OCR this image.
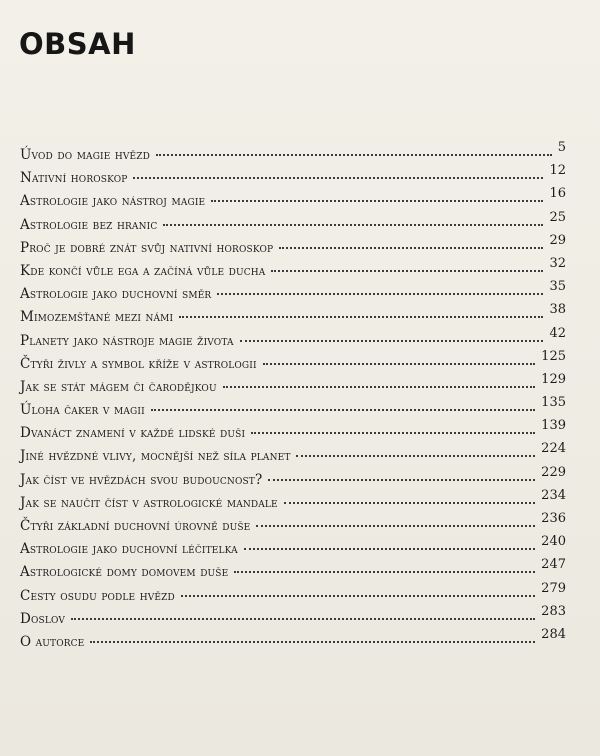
OBSAH
Úvod do magie hvězd	5
Nativní horoskop	12
Astrologie jako nástroj magie	16
Astrologie bez hranic	25
Proč je dobré znát svůj nativní horoskop	29
Kde končí vůle ega a začíná vůle ducha	32
Astrologie jako duchovní směr	35
Mimozemšťané mezi námi	38
Planety jako nástroje magie života	42
Čtyři živly a symbol kříže v astrologii	125
Jak se stát mágem či čarodějkou	129
Úloha čaker v magii	135
Dvanáct znamení v každé lidské duši	139
Jiné hvězdné vlivy, mocnější než síla planet	224
Jak číst ve hvězdách svou budoucnost?	229
Jak se naučit číst v astrologické mandale	234
Čtyři základní duchovní úrovně duše	236
Astrologie jako duchovní léčitelka	240
Astrologické domy domovem duše	247
Cesty osudu podle hvězd	279
Doslov	283
O autorce	284
